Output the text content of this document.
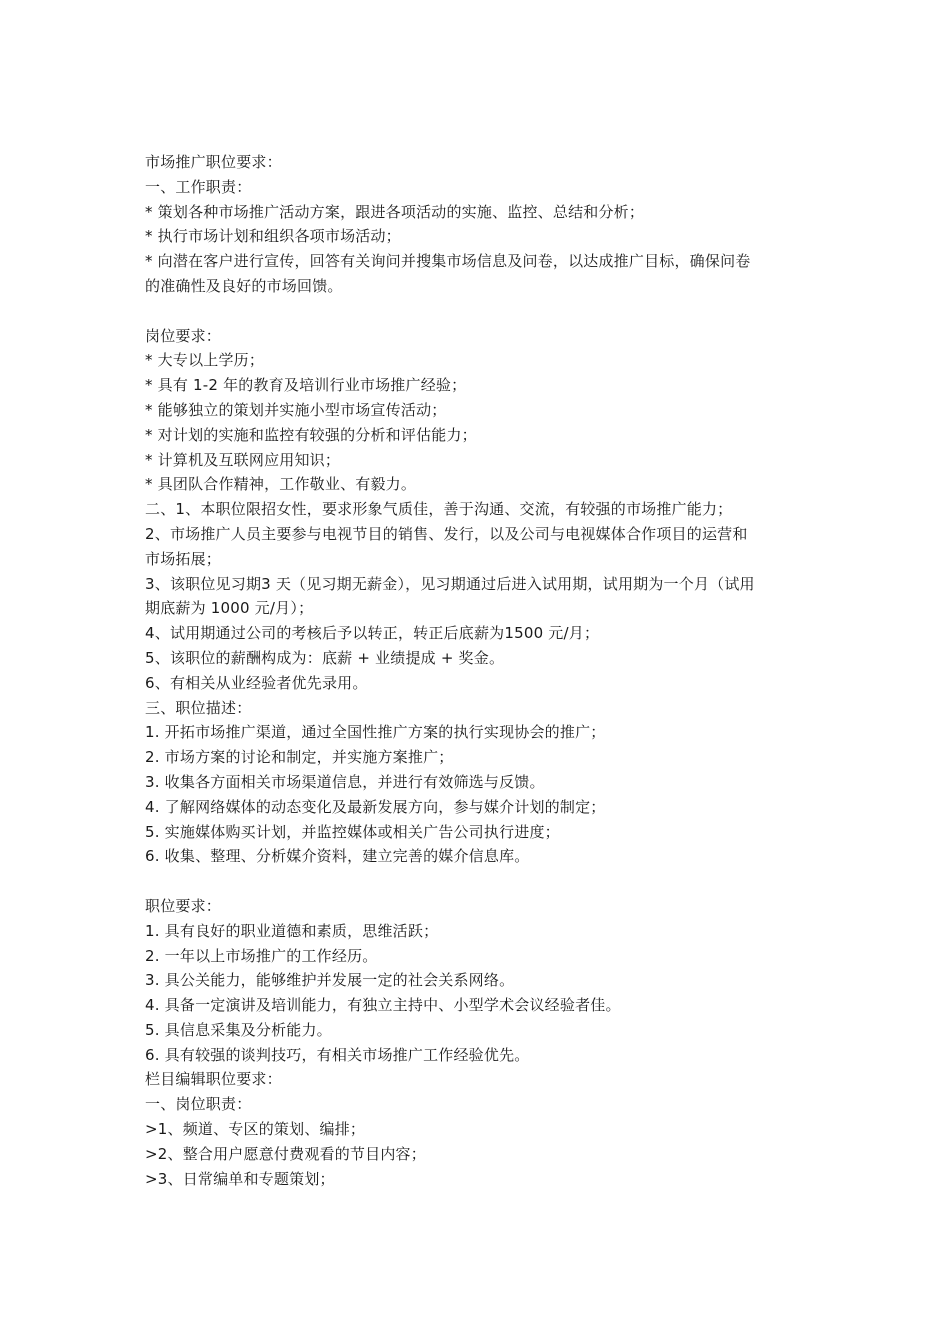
市场推广职位要求：
一、工作职责：
* 策划各种市场推广活动方案，跟进各项活动的实施、监控、总结和分析；
* 执行市场计划和组织各项市场活动；
* 向潜在客户进行宣传，回答有关询问并搜集市场信息及问卷，以达成推广目标，确保问卷
的准确性及良好的市场回馈。
岗位要求：
* 大专以上学历；
* 具有 1-2 年的教育及培训行业市场推广经验；
* 能够独立的策划并实施小型市场宣传活动；
* 对计划的实施和监控有较强的分析和评估能力；
* 计算机及互联网应用知识；
* 具团队合作精神，工作敬业、有毅力。
二、1、本职位限招女性，要求形象气质佳，善于沟通、交流，有较强的市场推广能力；
2、市场推广人员主要参与电视节目的销售、发行，以及公司与电视媒体合作项目的运营和
市场拓展；
3、该职位见习期3 天（见习期无薪金），见习期通过后进入试用期，试用期为一个月（试用
期底薪为 1000 元/月）；
4、试用期通过公司的考核后予以转正，转正后底薪为1500 元/月；
5、该职位的薪酬构成为：底薪 + 业绩提成 + 奖金。
6、有相关从业经验者优先录用。
三、职位描述：
1. 开拓市场推广渠道，通过全国性推广方案的执行实现协会的推广；
2. 市场方案的讨论和制定，并实施方案推广；
3. 收集各方面相关市场渠道信息，并进行有效筛选与反馈。
4. 了解网络媒体的动态变化及最新发展方向，参与媒介计划的制定；
5. 实施媒体购买计划，并监控媒体或相关广告公司执行进度；
6. 收集、整理、分析媒介资料，建立完善的媒介信息库。
职位要求：
1. 具有良好的职业道德和素质，思维活跃；
2. 一年以上市场推广的工作经历。
3. 具公关能力，能够维护并发展一定的社会关系网络。
4. 具备一定演讲及培训能力，有独立主持中、小型学术会议经验者佳。
5. 具信息采集及分析能力。
6. 具有较强的谈判技巧，有相关市场推广工作经验优先。
栏目编辑职位要求：
一、岗位职责：
>1、频道、专区的策划、编排；
>2、整合用户愿意付费观看的节目内容；
>3、日常编单和专题策划；
